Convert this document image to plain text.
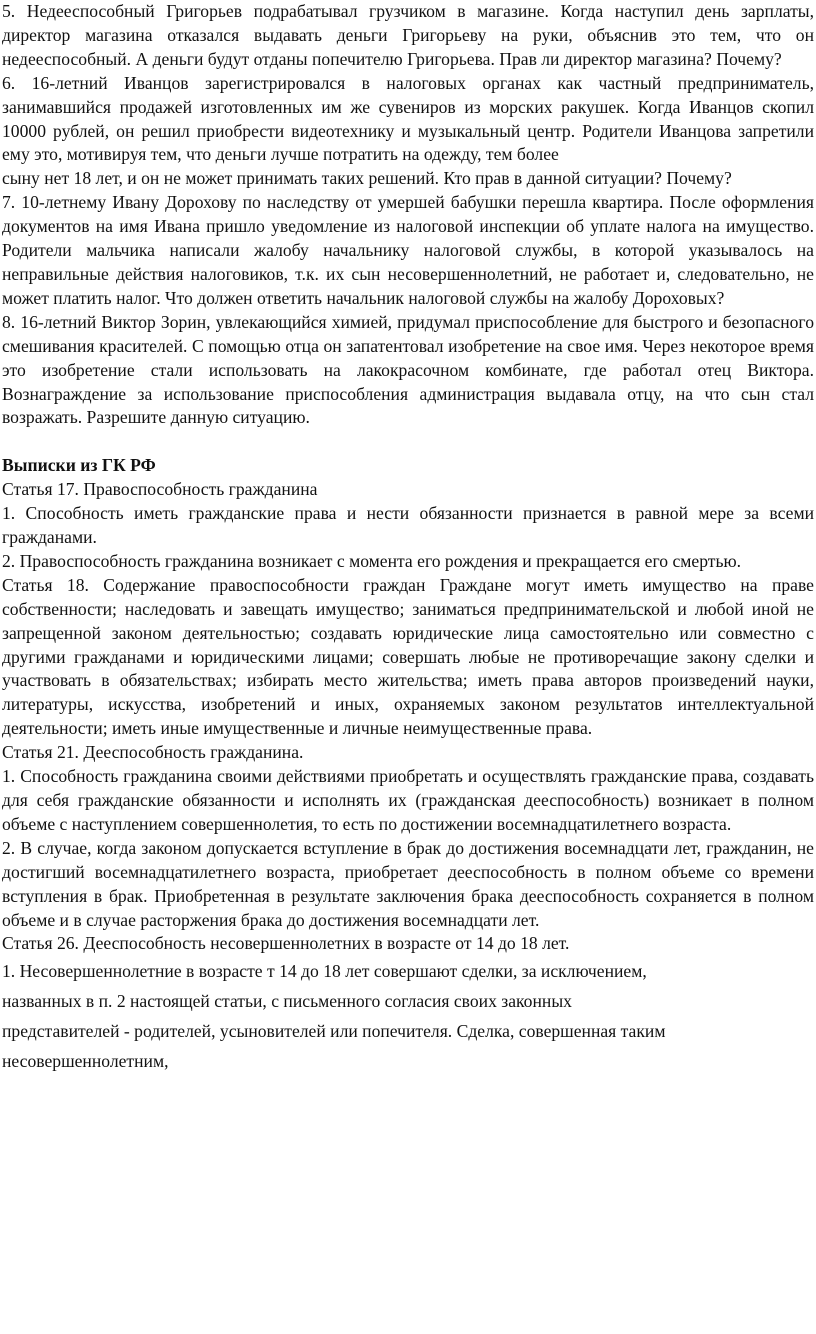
5. Недееспособный Григорьев подрабатывал грузчиком в магазине. Когда наступил день зарплаты, директор магазина отказался выдавать деньги Григорьеву на руки, объяснив это тем, что он недееспособный. А деньги будут отданы попечителю Григорьева. Прав ли директор магазина? Почему?

6. 16-летний Иванцов зарегистрировался в налоговых органах как частный предприниматель, занимавшийся продажей изготовленных им же сувениров из морских ракушек. Когда Иванцов скопил 10000 рублей, он решил приобрести видеотехнику и музыкальный центр. Родители Иванцова запретили ему это, мотивируя тем, что деньги лучше потратить на одежду, тем более

сыну нет 18 лет, и он не может принимать таких решений. Кто прав в данной ситуации? Почему?

7. 10-летнему Ивану Дорохову по наследству от умершей бабушки перешла квартира. После оформления документов на имя Ивана пришло уведомление из налоговой инспекции об уплате налога на имущество. Родители мальчика написали жалобу начальнику налоговой службы, в которой указывалось на неправильные действия налоговиков, т.к. их сын несовершеннолетний, не работает и, следовательно, не может платить налог. Что должен ответить начальник налоговой службы на жалобу Дороховых?

8. 16-летний Виктор Зорин, увлекающийся химией, придумал приспособление для быстрого и безопасного смешивания красителей. С помощью отца он запатентовал изобретение на свое имя. Через некоторое время это изобретение стали использовать на лакокрасочном комбинате, где работал отец Виктора. Вознаграждение за использование приспособления администрация выдавала отцу, на что сын стал возражать. Разрешите данную ситуацию.

Выписки из ГК РФ

Статья 17. Правоспособность гражданина

1. Способность иметь гражданские права и нести обязанности признается в равной мере за всеми гражданами.

2. Правоспособность гражданина возникает с момента его рождения и прекращается его смертью.

Статья 18. Содержание правоспособности граждан Граждане могут иметь имущество на праве собственности; наследовать и завещать имущество; заниматься предпринимательской и любой иной не запрещенной законом деятельностью; создавать юридические лица самостоятельно или совместно с другими гражданами и юридическими лицами; совершать любые не противоречащие закону сделки и участвовать в обязательствах; избирать место жительства; иметь права авторов произведений науки, литературы, искусства, изобретений и иных, охраняемых законом результатов интеллектуальной деятельности; иметь иные имущественные и личные неимущественные права.

Статья 21. Дееспособность гражданина.

1. Способность гражданина своими действиями приобретать и осуществлять гражданские права, создавать для себя гражданские обязанности и исполнять их (гражданская дееспособность) возникает в полном объеме с наступлением совершеннолетия, то есть по достижении восемнадцатилетнего возраста.

2. В случае, когда законом допускается вступление в брак до достижения восемнадцати лет, гражданин, не достигший восемнадцатилетнего возраста, приобретает дееспособность в полном объеме со времени вступления в брак. Приобретенная в результате заключения брака дееспособность сохраняется в полном объеме и в случае расторжения брака до достижения восемнадцати лет.

Статья 26. Дееспособность несовершеннолетних в возрасте от 14 до 18 лет.

1. Несовершеннолетние в возрасте т 14 до 18 лет совершают сделки, за исключением,
названных в п. 2 настоящей статьи, с письменного согласия своих законных
представителей - родителей, усыновителей или попечителя. Сделка, совершенная таким
несовершеннолетним,
